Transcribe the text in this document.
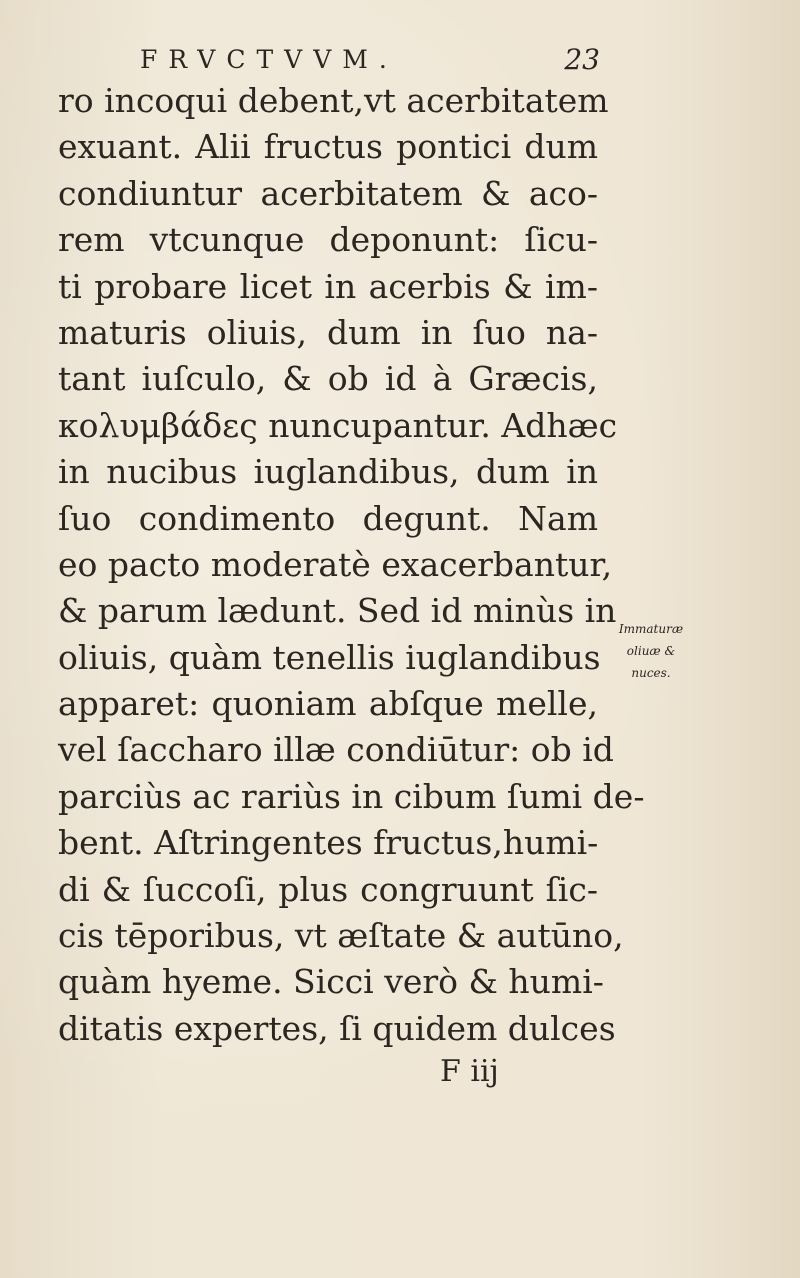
FRVCTVVM.	23
ro incoqui debent,vt acerbitatem
exuant. Alii fructus pontici dum
condiuntur acerbitatem & aco-
rem vtcunque deponunt: ſicu-
ti probare licet in acerbis & im-
maturis oliuis, dum in ſuo na-
tant iuſculo, & ob id à Græcis,
κολυμβάδες nuncupantur. Adhæc
in nucibus iuglandibus, dum in
ſuo condimento degunt. Nam
eo pacto moderatè exacerbantur,
& parum lædunt. Sed id minùs in
oliuis, quàm tenellis iuglandibus
apparet: quoniam abſque melle,
vel ſaccharo illæ condiūtur: ob id
parciùs ac rariùs in cibum ſumi de-
bent. Aſtringentes fructus,humi-
di & ſuccoſi, plus congruunt ſic-
cis tēporibus, vt æſtate & autūno,
quàm hyeme. Sicci verò & humi-
ditatis expertes, ſi quidem dulces
Immaturæ
oliuæ &
nuces.
F iij
